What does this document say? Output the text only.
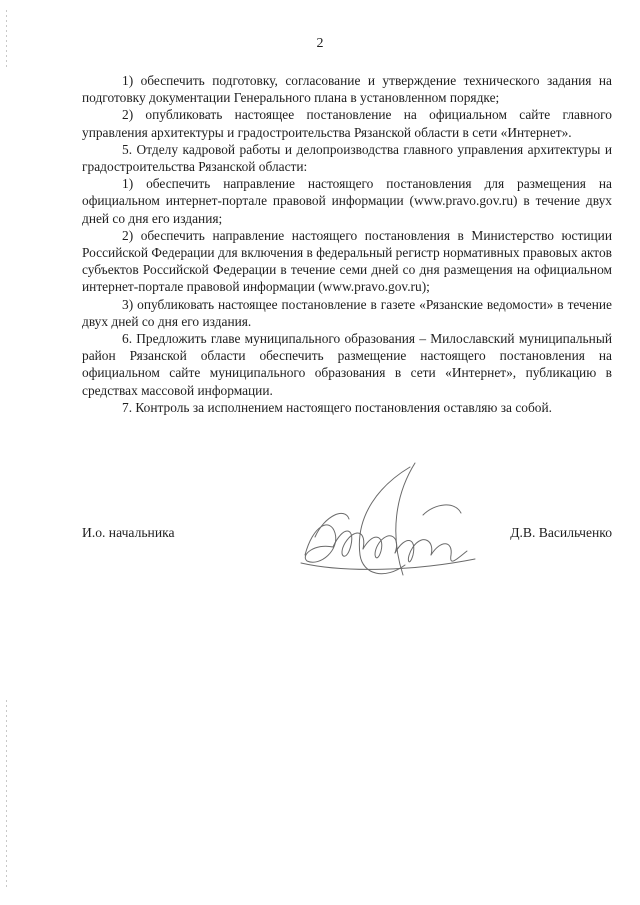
2

1) обеспечить подготовку, согласование и утверждение технического задания на подготовку документации Генерального плана в установленном порядке;

2) опубликовать настоящее постановление на официальном сайте главного управления архитектуры и градостроительства Рязанской области в сети «Интернет».

5. Отделу кадровой работы и делопроизводства главного управления архитектуры и градостроительства Рязанской области:

1) обеспечить направление настоящего постановления для размещения на официальном интернет-портале правовой информации (www.pravo.gov.ru) в течение двух дней со дня его издания;

2) обеспечить направление настоящего постановления в Министерство юстиции Российской Федерации для включения в федеральный регистр нормативных правовых актов субъектов Российской Федерации в течение семи дней со дня размещения на официальном интернет-портале правовой информации (www.pravo.gov.ru);

3) опубликовать настоящее постановление в газете «Рязанские ведомости» в течение двух дней со дня его издания.

6. Предложить главе муниципального образования – Милославский муниципальный район Рязанской области обеспечить размещение настоящего постановления на официальном сайте муниципального образования в сети «Интернет», публикацию в средствах массовой информации.

7. Контроль за исполнением настоящего постановления оставляю за собой.

И.о. начальника	Д.В. Васильченко
